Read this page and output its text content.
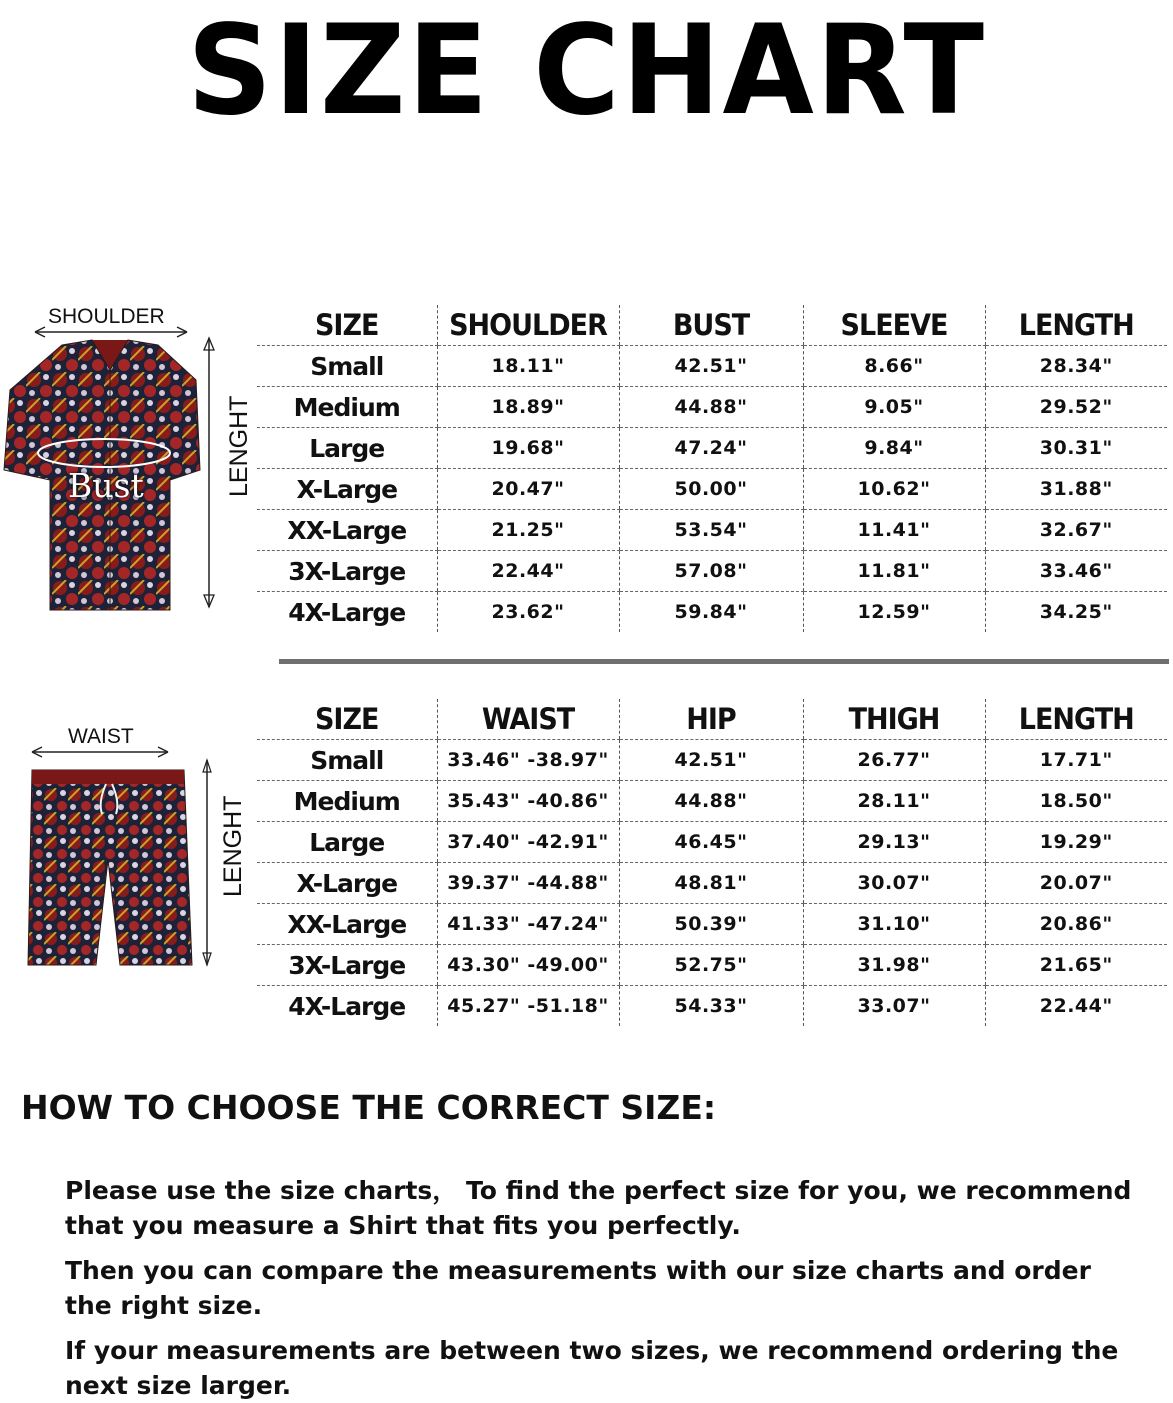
SIZE CHART
SHOULDER
Bust	LENGHT
SIZE	SHOULDER	BUST	SLEEVE	LENGTH
Small	18.11"	42.51"	8.66"	28.34"
Medium	18.89"	44.88"	9.05"	29.52"
Large	19.68"	47.24"	9.84"	30.31"
X-Large	20.47"	50.00"	10.62"	31.88"
XX-Large	21.25"	53.54"	11.41"	32.67"
3X-Large	22.44"	57.08"	11.81"	33.46"
4X-Large	23.62"	59.84"	12.59"	34.25"
WAIST
LENGHT
SIZE	WAIST	HIP	THIGH	LENGTH
Small	33.46" -38.97"	42.51"	26.77"	17.71"
Medium	35.43" -40.86"	44.88"	28.11"	18.50"
Large	37.40" -42.91"	46.45"	29.13"	19.29"
X-Large	39.37" -44.88"	48.81"	30.07"	20.07"
XX-Large	41.33" -47.24"	50.39"	31.10"	20.86"
3X-Large	43.30" -49.00"	52.75"	31.98"	21.65"
4X-Large	45.27" -51.18"	54.33"	33.07"	22.44"
HOW TO CHOOSE THE CORRECT SIZE:
Please use the size charts， To find the perfect size for you, we recommend that you measure a Shirt that fits you perfectly.
Then you can compare the measurements with our size charts and order the right size.
If your measurements are between two sizes, we recommend ordering the next size larger.
